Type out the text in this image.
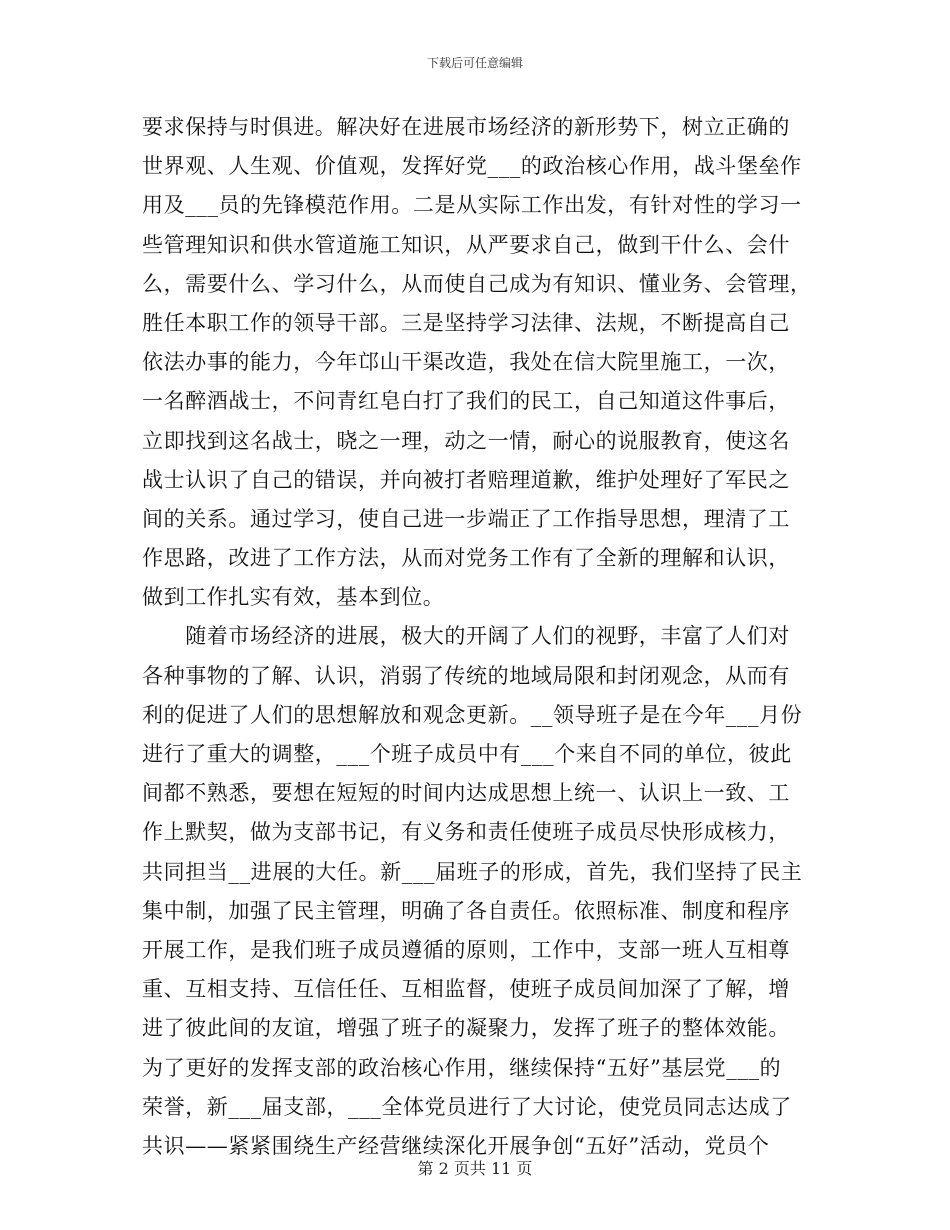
下载后可任意编辑
要求保持与时俱进。解决好在进展市场经济的新形势下，树立正确的
世界观、人生观、价值观，发挥好党___的政治核心作用，战斗堡垒作
用及___员的先锋模范作用。二是从实际工作出发，有针对性的学习一
些管理知识和供水管道施工知识，从严要求自己，做到干什么、会什
么，需要什么、学习什么，从而使自己成为有知识、懂业务、会管理，
胜任本职工作的领导干部。三是坚持学习法律、法规，不断提高自己
依法办事的能力，今年邙山干渠改造，我处在信大院里施工，一次，
一名醉酒战士，不问青红皂白打了我们的民工，自己知道这件事后，
立即找到这名战士，晓之一理，动之一情，耐心的说服教育，使这名
战士认识了自己的错误，并向被打者赔理道歉，维护处理好了军民之
间的关系。通过学习，使自己进一步端正了工作指导思想，理清了工
作思路，改进了工作方法，从而对党务工作有了全新的理解和认识，
做到工作扎实有效，基本到位。
　　随着市场经济的进展，极大的开阔了人们的视野，丰富了人们对
各种事物的了解、认识，消弱了传统的地域局限和封闭观念，从而有
利的促进了人们的思想解放和观念更新。__领导班子是在今年___月份
进行了重大的调整，___个班子成员中有___个来自不同的单位，彼此
间都不熟悉，要想在短短的时间内达成思想上统一、认识上一致、工
作上默契，做为支部书记，有义务和责任使班子成员尽快形成核力，
共同担当__进展的大任。新___届班子的形成，首先，我们坚持了民主
集中制，加强了民主管理，明确了各自责任。依照标准、制度和程序
开展工作，是我们班子成员遵循的原则，工作中，支部一班人互相尊
重、互相支持、互信任任、互相监督，使班子成员间加深了了解，增
进了彼此间的友谊，增强了班子的凝聚力，发挥了班子的整体效能。
为了更好的发挥支部的政治核心作用，继续保持“五好”基层党___的
荣誉，新___届支部，___全体党员进行了大讨论，使党员同志达成了
共识——紧紧围绕生产经营继续深化开展争创“五好”活动，党员个
第 2 页共 11 页
